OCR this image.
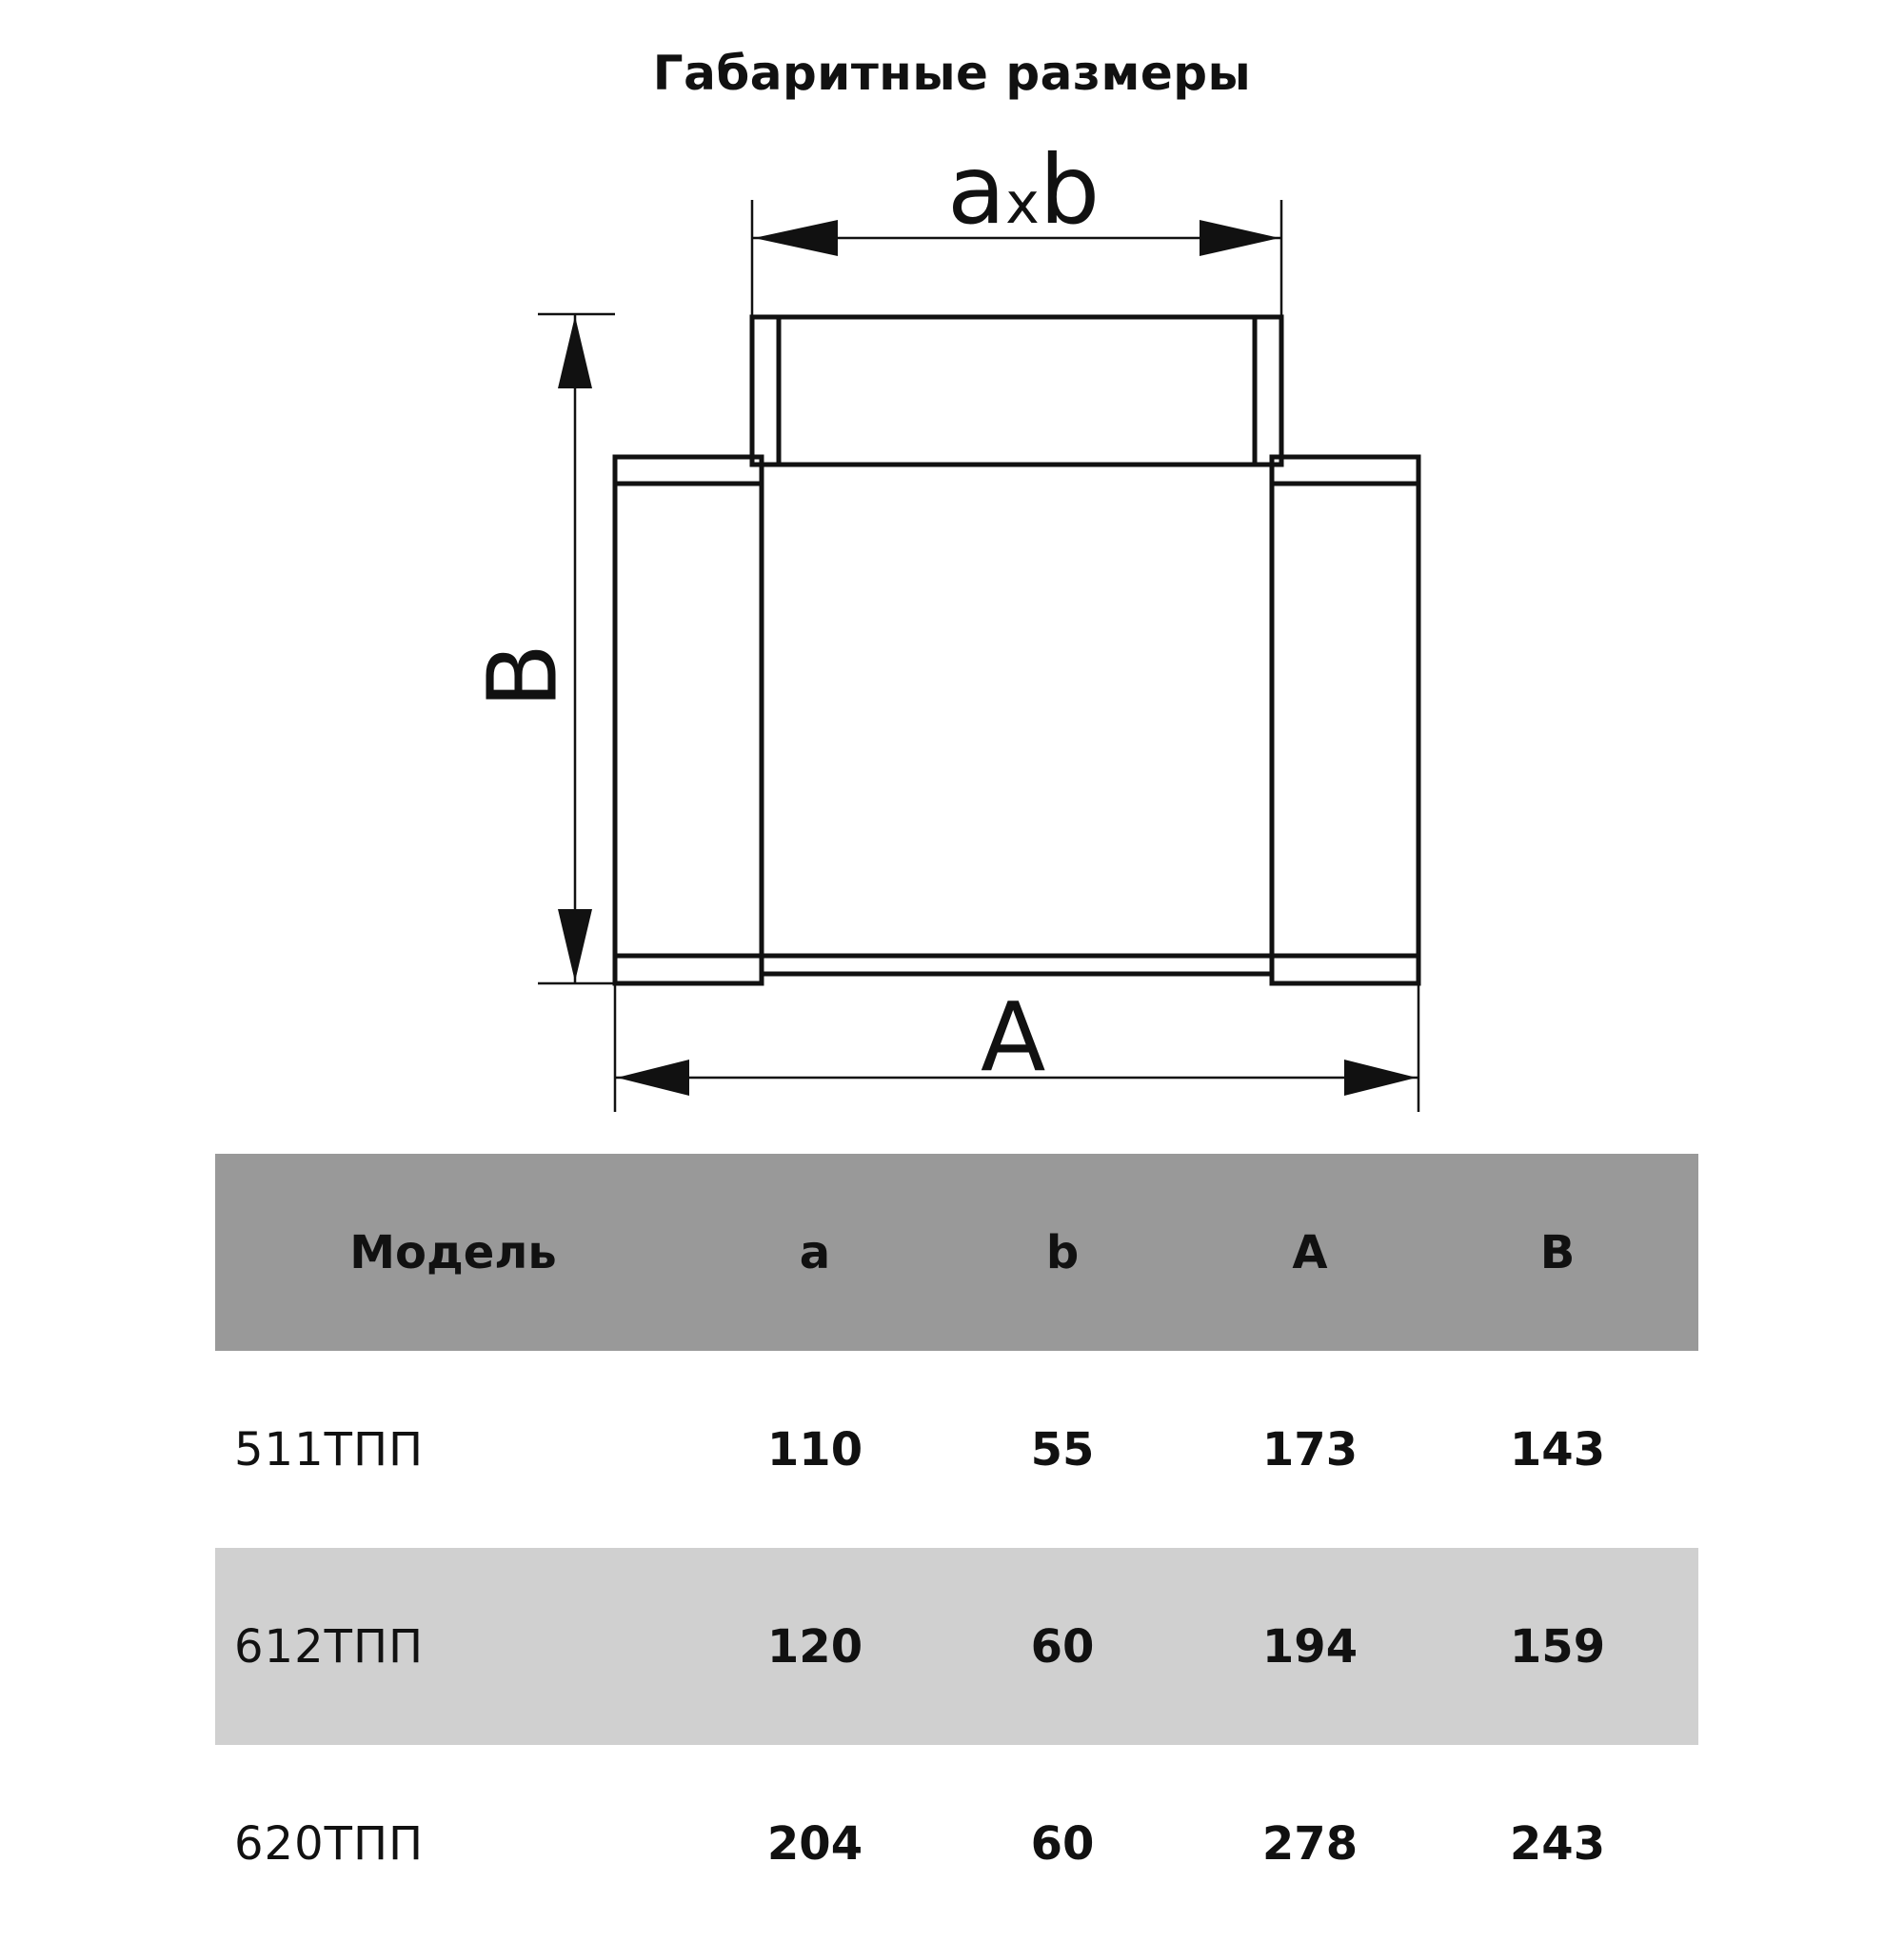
Габаритные размеры
axb
A
B
Модель	a	b	A	B
511ТПП	110	55	173	143
612ТПП	120	60	194	159
620ТПП	204	60	278	243
